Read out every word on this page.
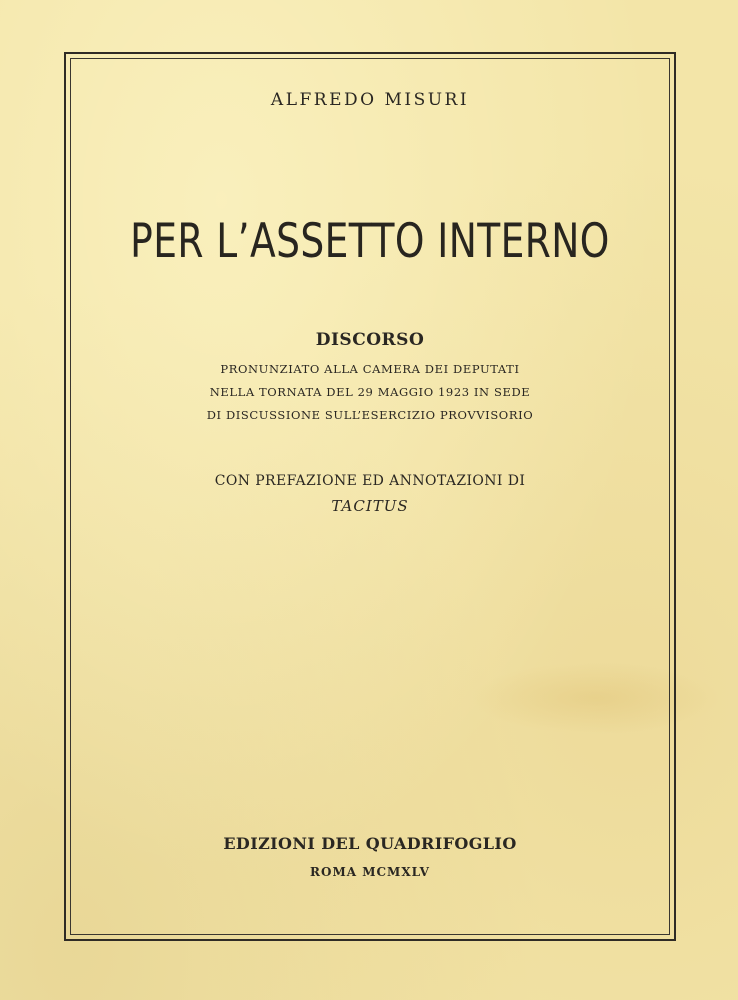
ALFREDO MISURI
PER L’ASSETTO INTERNO
DISCORSO
PRONUNZIATO ALLA CAMERA DEI DEPUTATI
NELLA TORNATA DEL 29 MAGGIO 1923 IN SEDE
DI DISCUSSIONE SULL’ESERCIZIO PROVVISORIO
CON PREFAZIONE ED ANNOTAZIONI DI
TACITUS
EDIZIONI DEL QUADRIFOGLIO
ROMA MCMXLV
